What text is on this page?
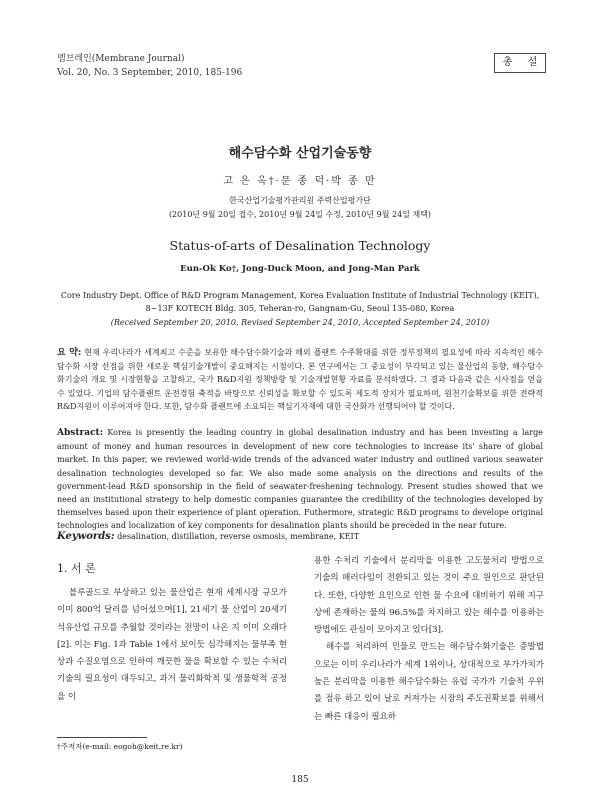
멤브레인(Membrane Journal)
Vol. 20, No. 3 September, 2010, 185-196
총 설
해수담수화 산업기술동향
고 은 옥†·문 종 덕·박 종 만
한국산업기술평가관리원 주력산업평가단
(2010년 9월 20일 접수, 2010년 9월 24일 수정, 2010년 9월 24일 채택)
Status-of-arts of Desalination Technology
Eun-Ok Ko†, Jong-Duck Moon, and Jong-Man Park
Core Industry Dept. Office of R&D Program Management, Korea Evaluation Institute of Industrial Technology (KEIT),
8∼13F KOTECH Bldg. 305, Teheran-ro, Gangnam-Gu, Seoul 135-080, Korea
(Received September 20, 2010, Revised September 24, 2010, Accepted September 24, 2010)
요 약: 현재 우리나라가 세계최고 수준을 보유한 해수담수화기술과 해외 플랜트 수주확대를 위한 정부정책의 필요성에 따라 지속적인 해수담수화 시장 선점을 위한 새로운 핵심기술개발이 중요해지는 시점이다. 본 연구에서는 그 중요성이 부각되고 있는 물산업의 동향, 해수담수화기술의 개요 및 시장현황을 고찰하고, 국가 R&D지원 정책방향 및 기술개발현황 자료를 분석하였다. 그 결과 다음과 같은 시사점을 얻을 수 있었다. 기업의 담수플랜트 운전경험 축적을 바탕으로 신뢰성을 확보할 수 있도록 제도적 장치가 필요하며, 원천기술확보를 위한 전략적 R&D지원이 이루어져야 한다. 또한, 담수화 플랜트에 소요되는 핵심기자재에 대한 국산화가 선행되어야 할 것이다.
Abstract: Korea is presently the leading country in global desalination industry and has been investing a large amount of money and human resources in development of new core technologies to increase its' share of global market. In this paper, we reviewed world-wide trends of the advanced water industry and outlined various seawater desalination technologies developed so far. We also made some analysis on the directions and results of the government-lead R&D sponsorship in the field of seawater-freshening technology. Present studies showed that we need an institutional strategy to help domestic companies guarantee the credibility of the technologies developed by themselves based upon their experience of plant operation. Futhermore, strategic R&D programs to develope original technologies and localization of key components for desalination plants should be preceded in the near future.
Keywords: desalination, distillation, reverse osmosis, membrane, KEIT
1. 서 론
블루골드로 부상하고 있는 물산업은 현재 세계시장 규모가 이미 800억 달러를 넘어섰으며[1], 21세기 물 산업이 20세기 석유산업 규모를 추월할 것이라는 전망이 나온 지 이미 오래다[2]. 이는 Fig. 1과 Table 1에서 보이듯 심각해지는 물부족 현상과 수질오염으로 인하여 깨끗한 물을 확보할 수 있는 수처리 기술의 필요성이 대두되고, 과거 물리화학적 및 생물학적 공정을 이
용한 수처리 기술에서 분리막을 이용한 고도물처리 방법으로 기술의 패러다임이 전환되고 있는 것이 주요 원인으로 판단된다. 또한, 다양한 요인으로 인한 물 수요에 대비하기 위해 지구상에 존재하는 물의 96.5%를 차지하고 있는 해수를 이용하는 방법에도 관심이 모아지고 있다[3].
해수를 처리하여 민물로 만드는 해수담수화기술은 증발법으로는 이미 우리나라가 세계 1위이나, 상대적으로 부가가치가 높은 분리막을 이용한 해수담수화는 유럽 국가가 기술적 우위를 점유 하고 있어 날로 커져가는 시장의 주도권확보를 위해서는 빠른 대응이 필요하
†주저자(e-mail: eogoh@keit.re.kr)
185
